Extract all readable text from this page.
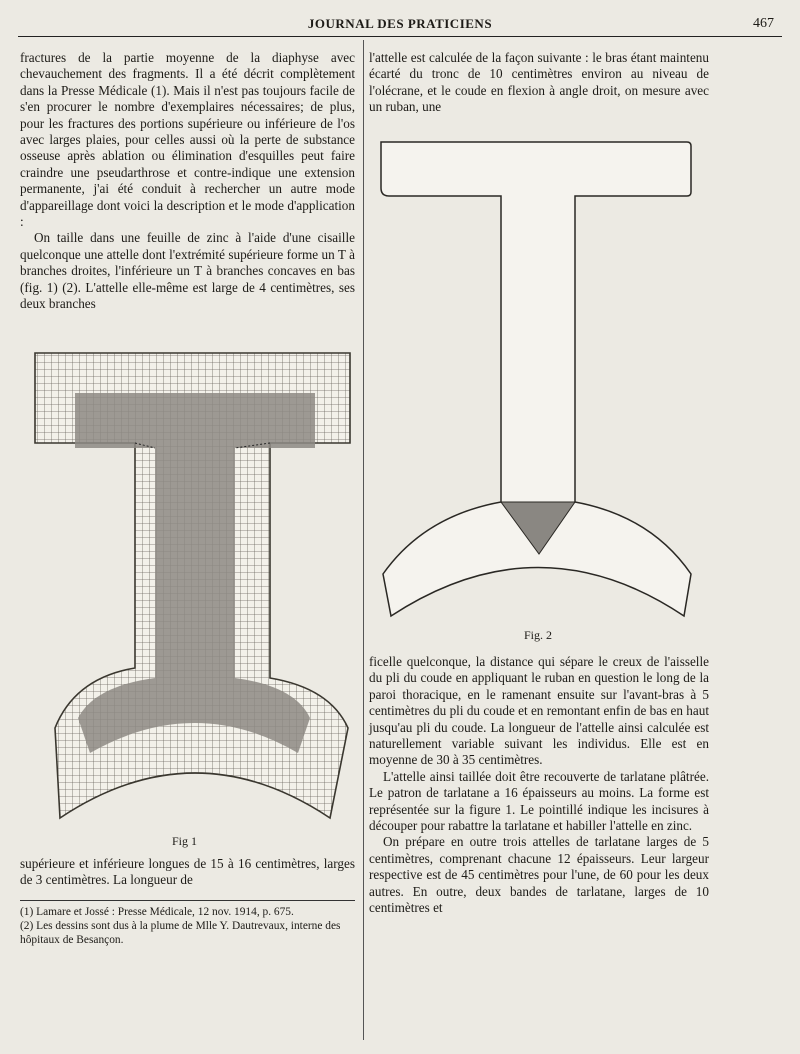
JOURNAL DES PRATICIENS	467

fractures de la partie moyenne de la diaphyse avec chevauchement des fragments. Il a été décrit complètement dans la Presse Médicale (1). Mais il n'est pas toujours facile de s'en procurer le nombre d'exemplaires nécessaires; de plus, pour les fractures des portions supérieure ou inférieure de l'os avec larges plaies, pour celles aussi où la perte de substance osseuse après ablation ou élimination d'esquilles peut faire craindre une pseudarthrose et contre-indique une extension permanente, j'ai été conduit à rechercher un autre mode d'appareillage dont voici la description et le mode d'application :

On taille dans une feuille de zinc à l'aide d'une cisaille quelconque une attelle dont l'extrémité supérieure forme un T à branches droites, l'inférieure un T à branches concaves en bas (fig. 1) (2). L'attelle elle-même est large de 4 centimètres, ses deux branches

Fig 1

supérieure et inférieure longues de 15 à 16 centimètres, larges de 3 centimètres. La longueur de

(1) Lamare et Jossé : Presse Médicale, 12 nov. 1914, p. 675.

(2) Les dessins sont dus à la plume de Mlle Y. Dautrevaux, interne des hôpitaux de Besançon.

l'attelle est calculée de la façon suivante : le bras étant maintenu écarté du tronc de 10 centimètres environ au niveau de l'olécrane, et le coude en flexion à angle droit, on mesure avec un ruban, une

Fig. 2

ficelle quelconque, la distance qui sépare le creux de l'aisselle du pli du coude en appliquant le ruban en question le long de la paroi thoracique, en le ramenant ensuite sur l'avant-bras à 5 centimètres du pli du coude et en remontant enfin de bas en haut jusqu'au pli du coude. La longueur de l'attelle ainsi calculée est naturellement variable suivant les individus. Elle est en moyenne de 30 à 35 centimètres.

L'attelle ainsi taillée doit être recouverte de tarlatane plâtrée. Le patron de tarlatane a 16 épaisseurs au moins. La forme est représentée sur la figure 1. Le pointillé indique les incisures à découper pour rabattre la tarlatane et habiller l'attelle en zinc.

On prépare en outre trois attelles de tarlatane larges de 5 centimètres, comprenant chacune 12 épaisseurs. Leur largeur respective est de 45 centimètres pour l'une, de 60 pour les deux autres. En outre, deux bandes de tarlatane, larges de 10 centimètres et
